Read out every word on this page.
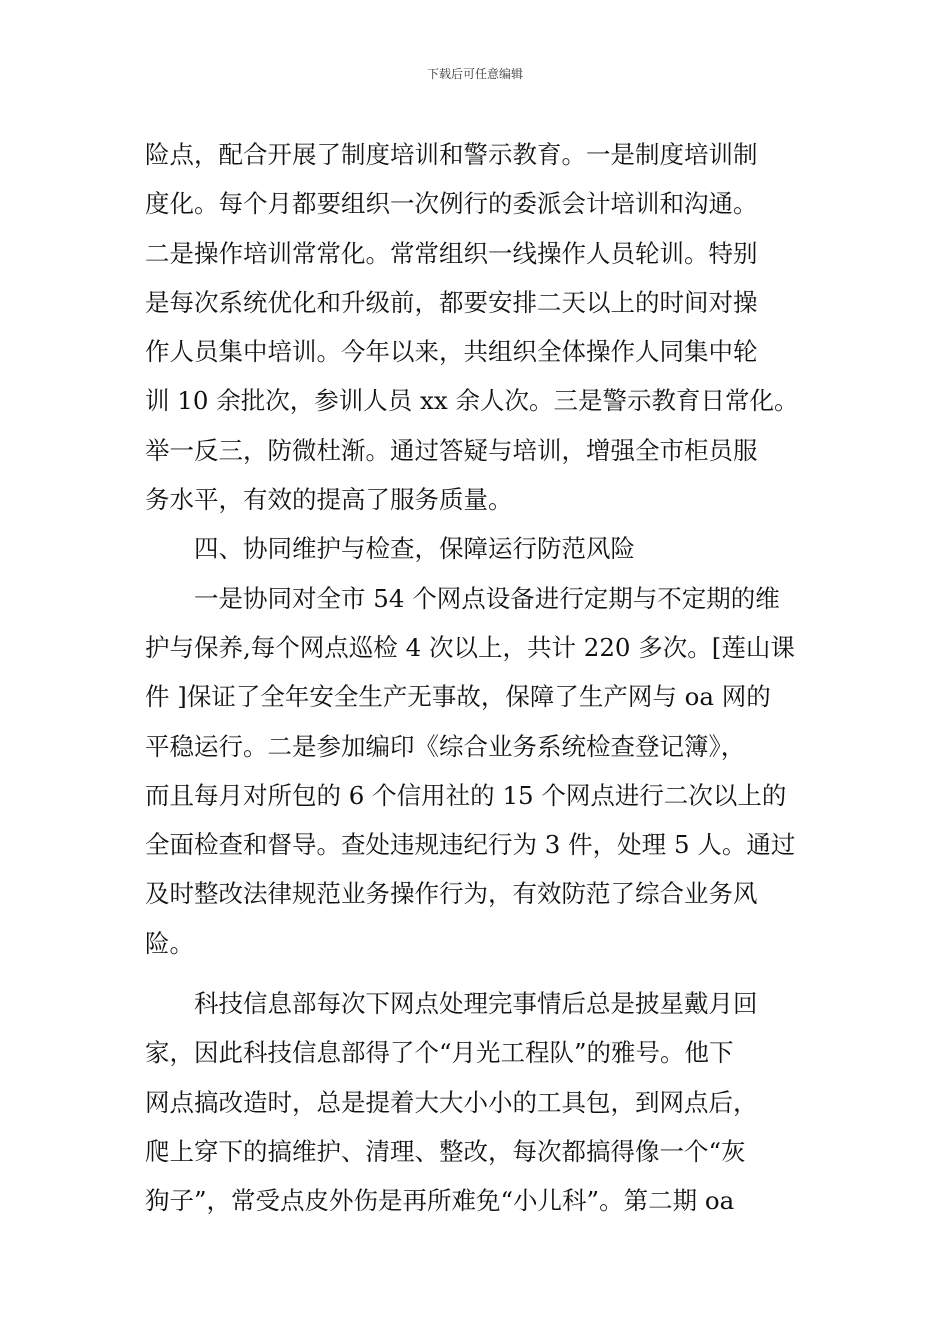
下载后可任意编辑

险点，配合开展了制度培训和警示教育。一是制度培训制

度化。每个月都要组织一次例行的委派会计培训和沟通。

二是操作培训常常化。常常组织一线操作人员轮训。特别

是每次系统优化和升级前，都要安排二天以上的时间对操

作人员集中培训。今年以来，共组织全体操作人同集中轮

训 10 余批次，参训人员 xx 余人次。三是警示教育日常化。

举一反三，防微杜渐。通过答疑与培训，增强全市柜员服

务水平，有效的提高了服务质量。

四、协同维护与检查，保障运行防范风险

一是协同对全市 54 个网点设备进行定期与不定期的维

护与保养,每个网点巡检 4 次以上，共计 220 多次。[莲山课

件 ]保证了全年安全生产无事故，保障了生产网与 oa 网的

平稳运行。二是参加编印《综合业务系统检查登记簿》，

而且每月对所包的 6 个信用社的 15 个网点进行二次以上的

全面检查和督导。查处违规违纪行为 3 件，处理 5 人。通过

及时整改法律规范业务操作行为，有效防范了综合业务风

险。

科技信息部每次下网点处理完事情后总是披星戴月回

家，因此科技信息部得了个“月光工程队”的雅号。他下

网点搞改造时，总是提着大大小小的工具包，到网点后，

爬上穿下的搞维护、清理、整改，每次都搞得像一个“灰

狗子”，常受点皮外伤是再所难免“小儿科”。第二期 oa
